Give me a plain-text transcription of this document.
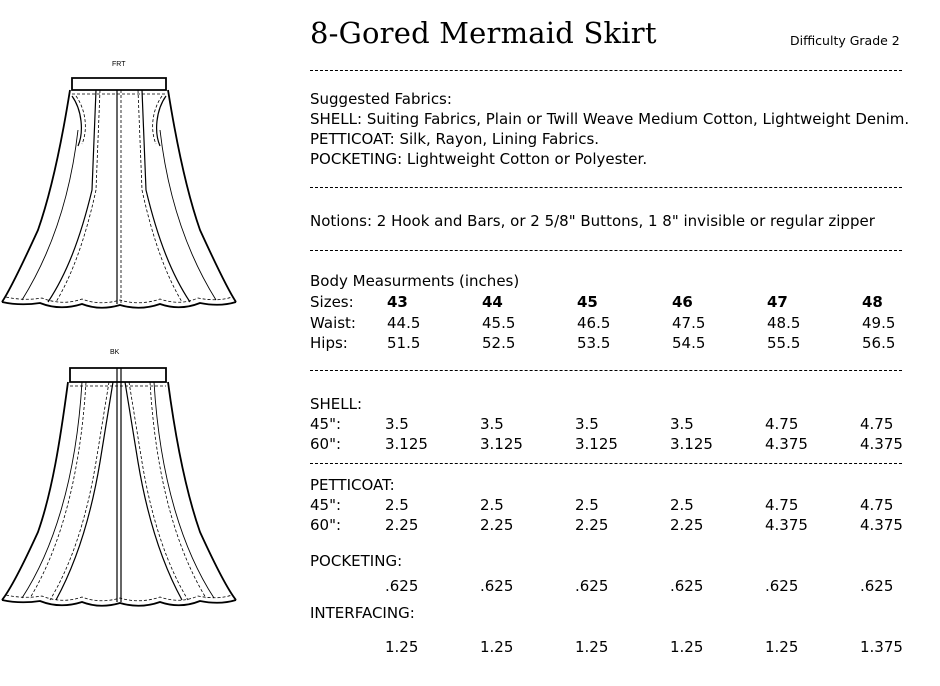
FRT
BK
8-Gored Mermaid Skirt	Difficulty Grade 2
Suggested Fabrics:
SHELL: Suiting Fabrics, Plain or Twill Weave Medium Cotton, Lightweight Denim.
PETTICOAT: Silk, Rayon, Lining Fabrics.
POCKETING: Lightweight Cotton or Polyester.
Notions: 2 Hook and Bars, or 2 5/8" Buttons, 1 8" invisible or regular zipper
Body Measurments (inches)
Sizes: 43	44	45	46	47	48
Waist: 44.5	45.5	46.5	47.5	48.5	49.5
Hips:	51.5	52.5	53.5	54.5	55.5	56.5
SHELL:
45":	3.5	3.5	3.5	3.5	4.75	4.75
60":	3.125	3.125	3.125	3.125	4.375	4.375
PETTICOAT:
45":	2.5	2.5	2.5	2.5	4.75	4.75
60":	2.25	2.25	2.25	2.25	4.375	4.375
POCKETING:
.625	.625	.625	.625	.625	.625
INTERFACING:
1.25	1.25	1.25	1.25	1.25	1.375
